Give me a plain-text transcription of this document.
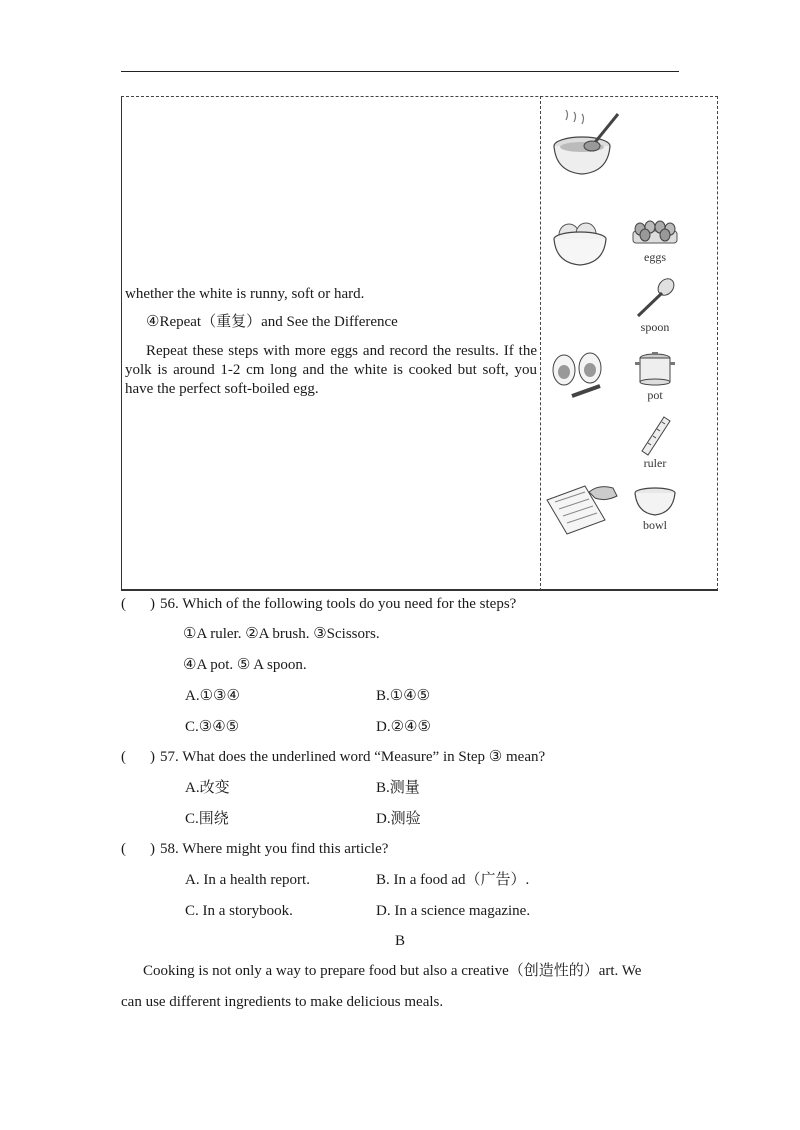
whether the white is runny, soft or hard.
④Repeat（重复）and See the Difference
Repeat these steps with more eggs and record the results. If the yolk is around 1-2 cm long and the white is cooked but soft, you have the perfect soft-boiled egg.
eggs
spoon
pot
ruler
bowl
( ) 56. Which of the following tools do you need for the steps?
①A ruler. ②A brush. ③Scissors.
④A pot. ⑤ A spoon.
A.①③④	B.①④⑤
C.③④⑤	D.②④⑤
( ) 57. What does the underlined word “Measure” in Step ③ mean?
A.改变	B.测量
C.围绕	D.测验
( ) 58. Where might you find this article?
A. In a health report.	B. In a food ad（广告）.
C. In a storybook.	D. In a science magazine.
B
Cooking is not only a way to prepare food but also a creative（创造性的）art. We
can use different ingredients to make delicious meals.
